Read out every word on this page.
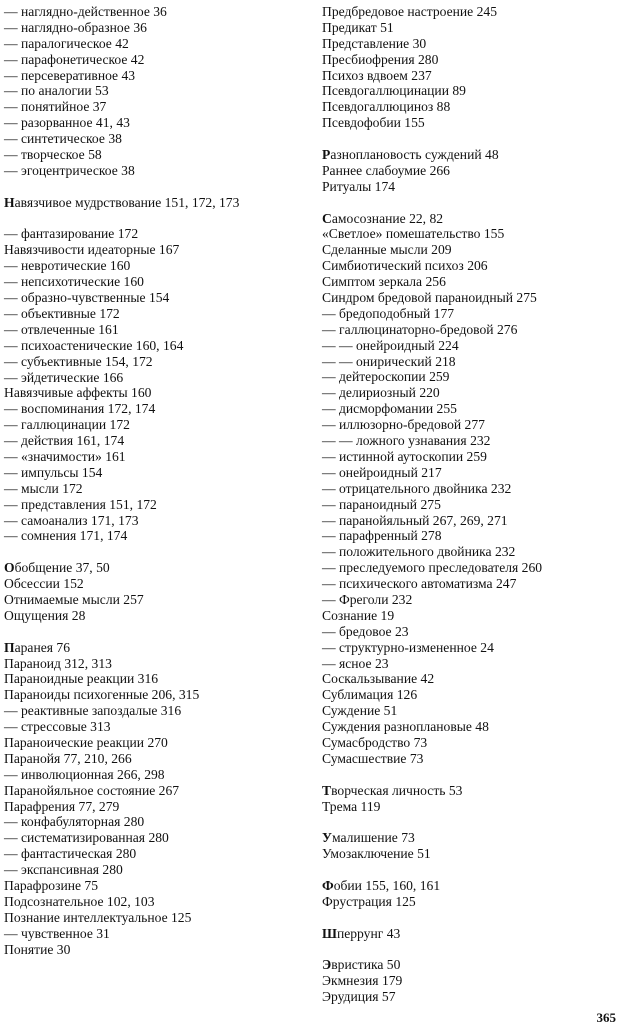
— наглядно-действенное 36
— наглядно-образное 36
— паралогическое 42
— парафонетическое 42
— персеверативное 43
— по аналогии 53
— понятийное 37
— разорванное 41, 43
— синтетическое 38
— творческое 58
— эгоцентрическое 38
Навязчивое мудрствование 151, 172, 173
— фантазирование 172
Навязчивости идеаторные 167
— невротические 160
— непсихотические 160
— образно-чувственные 154
— объективные 172
— отвлеченные 161
— психоастенические 160, 164
— субъективные 154, 172
— эйдетические 166
Навязчивые аффекты 160
— воспоминания 172, 174
— галлюцинации 172
— действия 161, 174
— «значимости» 161
— импульсы 154
— мысли 172
— представления 151, 172
— самоанализ 171, 173
— сомнения 171, 174
Обобщение 37, 50
Обсессии 152
Отнимаемые мысли 257
Ощущения 28
Паранея 76
Параноид 312, 313
Параноидные реакции 316
Параноиды психогенные 206, 315
— реактивные запоздалые 316
— стрессовые 313
Параноические реакции 270
Паранойя 77, 210, 266
— инволюционная 266, 298
Паранойяльное состояние 267
Парафрения 77, 279
— конфабуляторная 280
— систематизированная 280
— фантастическая 280
— экспансивная 280
Парафрозине 75
Подсознательное 102, 103
Познание интеллектуальное 125
— чувственное 31
Понятие 30
Предбредовое настроение 245
Предикат 51
Представление 30
Пресбиофрения 280
Психоз вдвоем 237
Псевдогаллюцинации 89
Псевдогаллюциноз 88
Псевдофобии 155
Разноплановость суждений 48
Раннее слабоумие 266
Ритуалы 174
Самосознание 22, 82
«Светлое» помешательство 155
Сделанные мысли 209
Симбиотический психоз 206
Симптом зеркала 256
Синдром бредовой параноидный 275
— бредоподобный 177
— галлюцинаторно-бредовой 276
— — онейроидный 224
— — онирический 218
— дейтероскопии 259
— делириозный 220
— дисморфомании 255
— иллюзорно-бредовой 277
— — ложного узнавания 232
— истинной аутоскопии 259
— онейроидный 217
— отрицательного двойника 232
— параноидный 275
— паранойяльный 267, 269, 271
— парафренный 278
— положительного двойника 232
— преследуемого преследователя 260
— психического автоматизма 247
— Фреголи 232
Сознание 19
— бредовое 23
— структурно-измененное 24
— ясное 23
Соскальзывание 42
Сублимация 126
Суждение 51
Суждения разноплановые 48
Сумасбродство 73
Сумасшествие 73
Творческая личность 53
Трема 119
Умалишение 73
Умозаключение 51
Фобии 155, 160, 161
Фрустрация 125
Шперрунг 43
Эвристика 50
Экмнезия 179
Эрудиция 57
365
